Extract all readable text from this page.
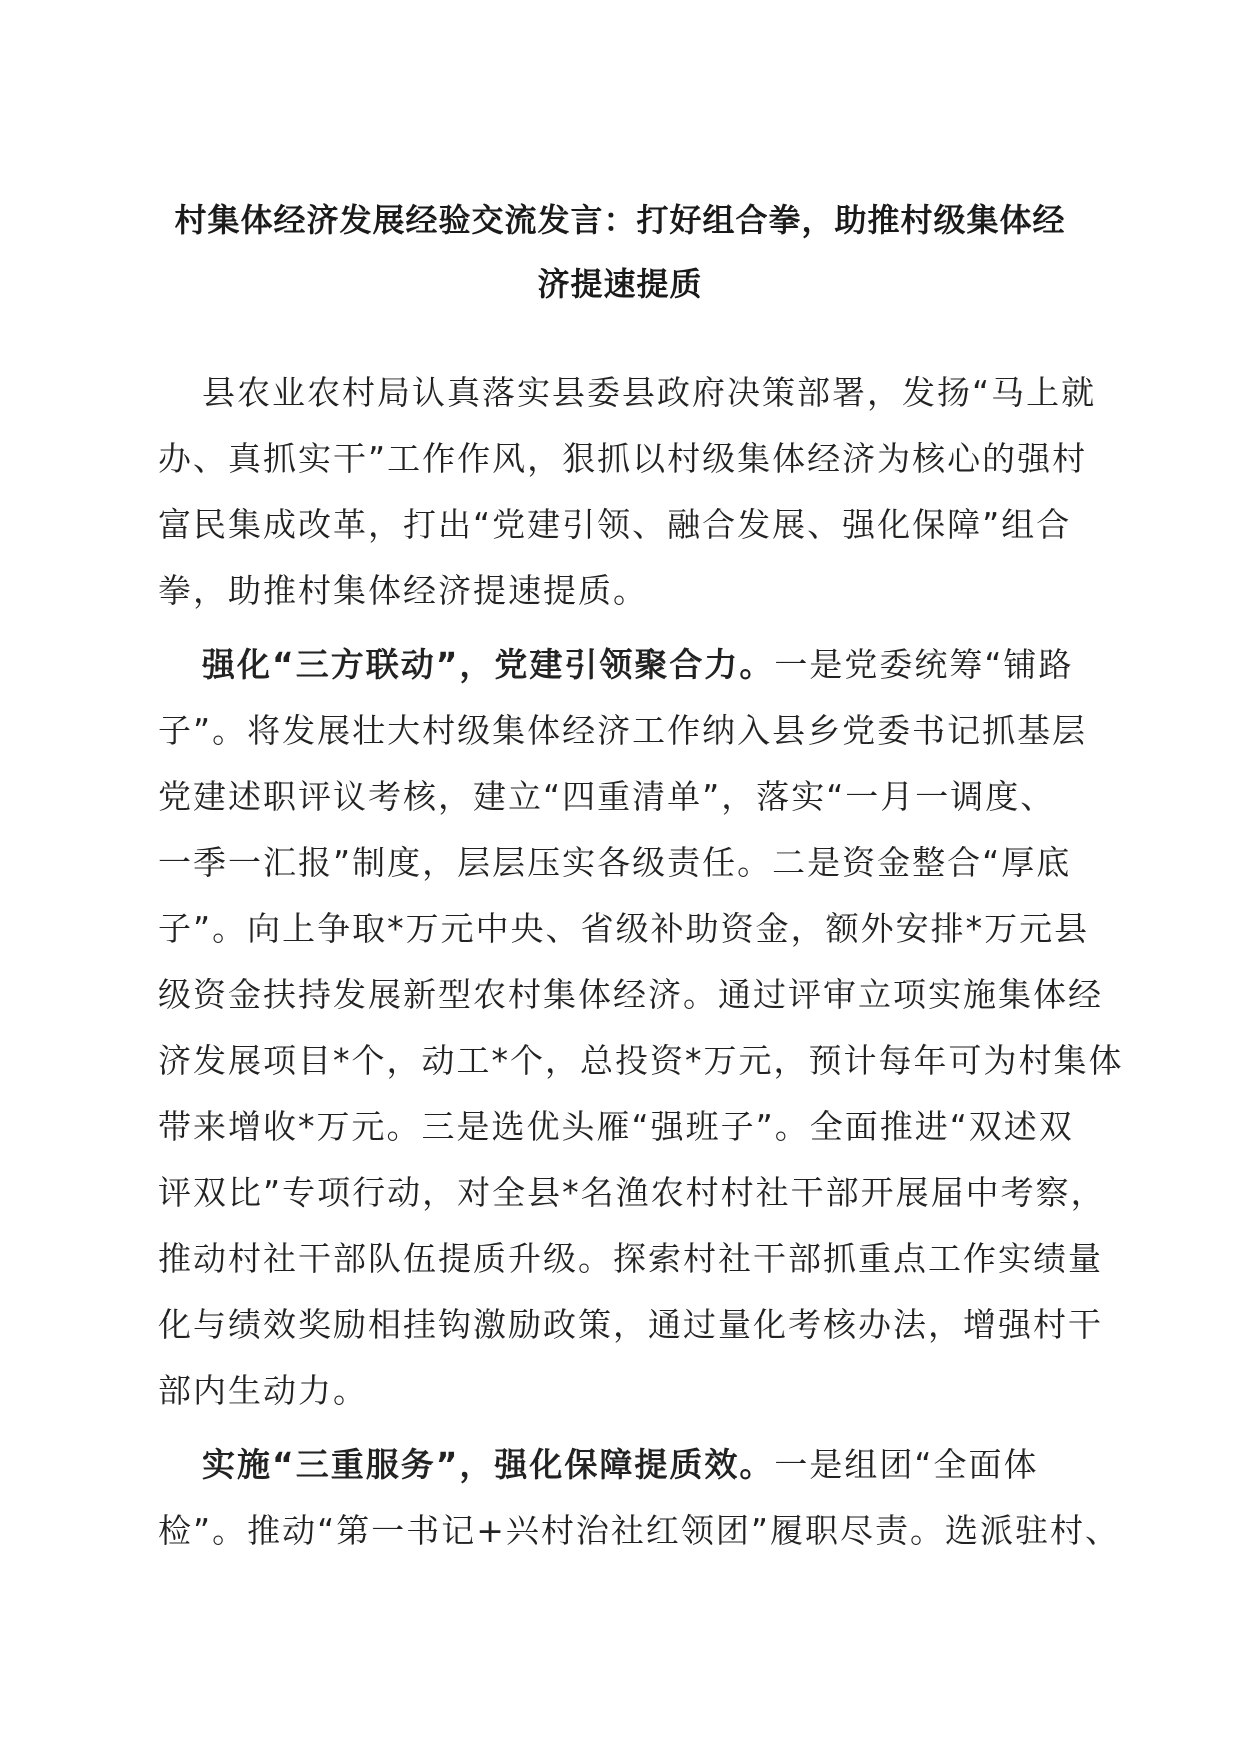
村集体经济发展经验交流发言：打好组合拳，助推村级集体经
济提速提质
县农业农村局认真落实县委县政府决策部署，发扬“马上就
办、真抓实干”工作作风，狠抓以村级集体经济为核心的强村
富民集成改革，打出“党建引领、融合发展、强化保障”组合
拳，助推村集体经济提速提质。
强化“三方联动”，党建引领聚合力。一是党委统筹“铺路
子”。将发展壮大村级集体经济工作纳入县乡党委书记抓基层
党建述职评议考核，建立“四重清单”，落实“一月一调度、
一季一汇报”制度，层层压实各级责任。二是资金整合“厚底
子”。向上争取*万元中央、省级补助资金，额外安排*万元县
级资金扶持发展新型农村集体经济。通过评审立项实施集体经
济发展项目*个，动工*个，总投资*万元，预计每年可为村集体
带来增收*万元。三是选优头雁“强班子”。全面推进“双述双
评双比”专项行动，对全县*名渔农村村社干部开展届中考察，
推动村社干部队伍提质升级。探索村社干部抓重点工作实绩量
化与绩效奖励相挂钩激励政策，通过量化考核办法，增强村干
部内生动力。
实施“三重服务”，强化保障提质效。一是组团“全面体
检”。推动“第一书记+兴村治社红领团”履职尽责。选派驻村、
